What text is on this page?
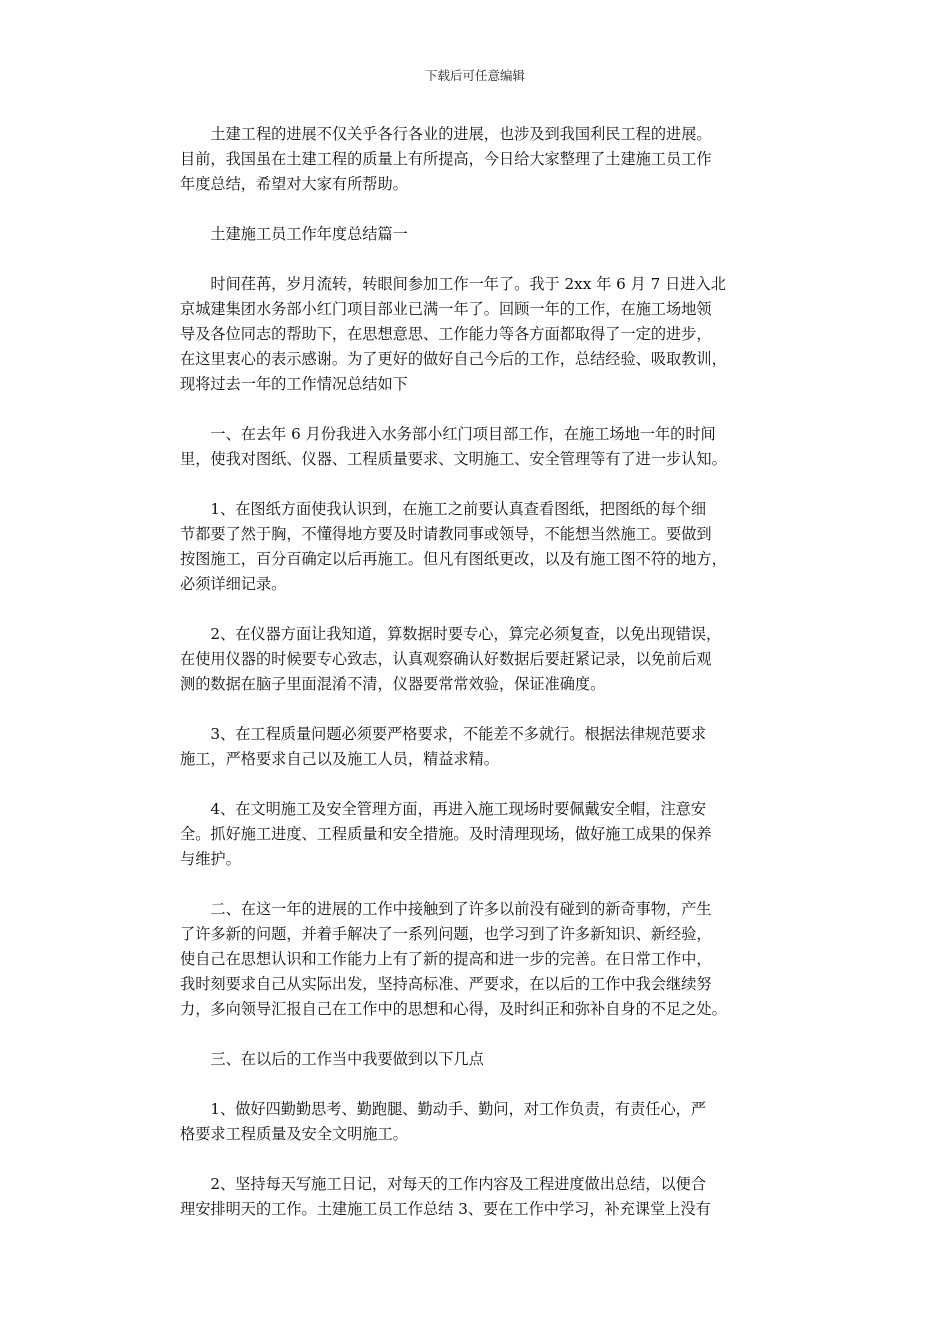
下载后可任意编辑
　　土建工程的进展不仅关乎各行各业的进展，也涉及到我国利民工程的进展。
目前，我国虽在土建工程的质量上有所提高，今日给大家整理了土建施工员工作
年度总结，希望对大家有所帮助。
　　土建施工员工作年度总结篇一
　　时间荏苒，岁月流转，转眼间参加工作一年了。我于 2xx 年 6 月 7 日进入北
京城建集团水务部小红门项目部业已满一年了。回顾一年的工作，在施工场地领
导及各位同志的帮助下，在思想意思、工作能力等各方面都取得了一定的进步，
在这里衷心的表示感谢。为了更好的做好自己今后的工作，总结经验、吸取教训，
现将过去一年的工作情况总结如下
　　一、在去年 6 月份我进入水务部小红门项目部工作，在施工场地一年的时间
里，使我对图纸、仪器、工程质量要求、文明施工、安全管理等有了进一步认知。
　　1、在图纸方面使我认识到，在施工之前要认真查看图纸，把图纸的每个细
节都要了然于胸，不懂得地方要及时请教同事或领导，不能想当然施工。要做到
按图施工，百分百确定以后再施工。但凡有图纸更改，以及有施工图不符的地方，
必须详细记录。
　　2、在仪器方面让我知道，算数据时要专心，算完必须复查，以免出现错误，
在使用仪器的时候要专心致志，认真观察确认好数据后要赶紧记录，以免前后观
测的数据在脑子里面混淆不清，仪器要常常效验，保证准确度。
　　3、在工程质量问题必须要严格要求，不能差不多就行。根据法律规范要求
施工，严格要求自己以及施工人员，精益求精。
　　4、在文明施工及安全管理方面，再进入施工现场时要佩戴安全帽，注意安
全。抓好施工进度、工程质量和安全措施。及时清理现场，做好施工成果的保养
与维护。
　　二、在这一年的进展的工作中接触到了许多以前没有碰到的新奇事物，产生
了许多新的问题，并着手解决了一系列问题，也学习到了许多新知识、新经验，
使自己在思想认识和工作能力上有了新的提高和进一步的完善。在日常工作中，
我时刻要求自己从实际出发，坚持高标准、严要求，在以后的工作中我会继续努
力，多向领导汇报自己在工作中的思想和心得，及时纠正和弥补自身的不足之处。
　　三、在以后的工作当中我要做到以下几点
　　1、做好四勤勤思考、勤跑腿、勤动手、勤问，对工作负责，有责任心，严
格要求工程质量及安全文明施工。
　　2、坚持每天写施工日记，对每天的工作内容及工程进度做出总结，以便合
理安排明天的工作。土建施工员工作总结 3、要在工作中学习，补充课堂上没有
